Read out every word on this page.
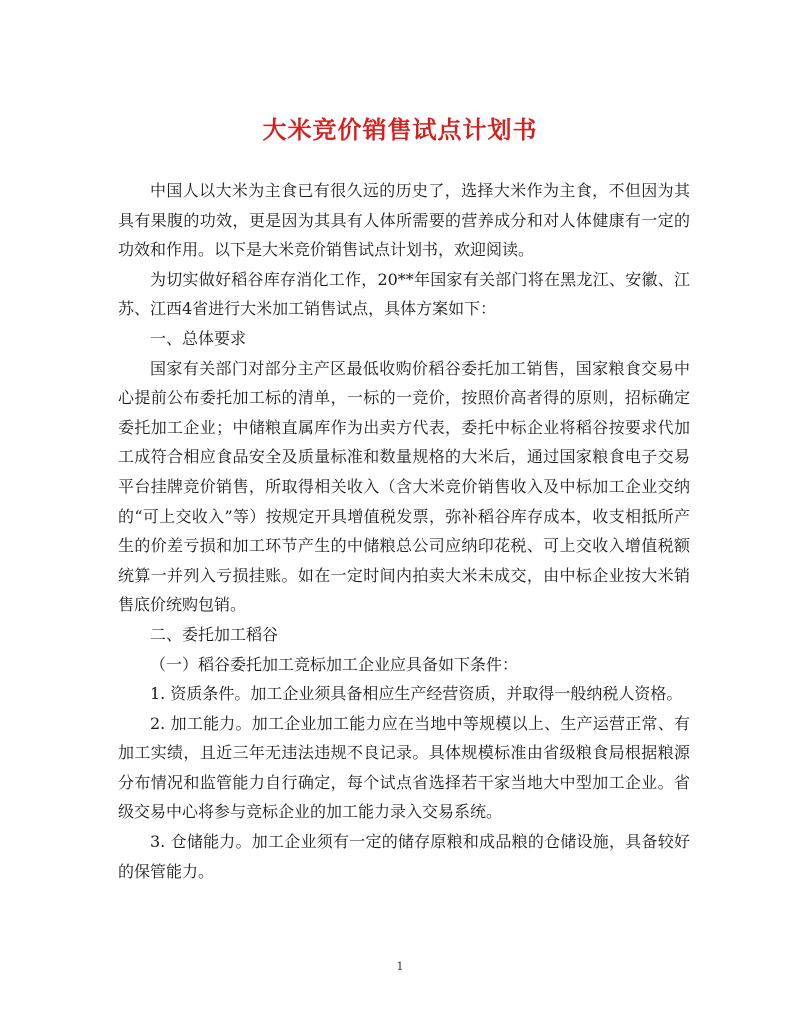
大米竞价销售试点计划书

中国人以大米为主食已有很久远的历史了，选择大米作为主食，不但因为其具有果腹的功效，更是因为其具有人体所需要的营养成分和对人体健康有一定的功效和作用。以下是大米竞价销售试点计划书，欢迎阅读。

为切实做好稻谷库存消化工作，20**年国家有关部门将在黑龙江、安徽、江苏、江西4省进行大米加工销售试点，具体方案如下：

一、总体要求

国家有关部门对部分主产区最低收购价稻谷委托加工销售，国家粮食交易中心提前公布委托加工标的清单，一标的一竞价，按照价高者得的原则，招标确定委托加工企业；中储粮直属库作为出卖方代表，委托中标企业将稻谷按要求代加工成符合相应食品安全及质量标准和数量规格的大米后，通过国家粮食电子交易平台挂牌竞价销售，所取得相关收入（含大米竞价销售收入及中标加工企业交纳的“可上交收入”等）按规定开具增值税发票，弥补稻谷库存成本，收支相抵所产生的价差亏损和加工环节产生的中储粮总公司应纳印花税、可上交收入增值税额统算一并列入亏损挂账。如在一定时间内拍卖大米未成交，由中标企业按大米销售底价统购包销。

二、委托加工稻谷

（一）稻谷委托加工竞标加工企业应具备如下条件：

1. 资质条件。加工企业须具备相应生产经营资质，并取得一般纳税人资格。

2. 加工能力。加工企业加工能力应在当地中等规模以上、生产运营正常、有加工实绩，且近三年无违法违规不良记录。具体规模标准由省级粮食局根据粮源分布情况和监管能力自行确定，每个试点省选择若干家当地大中型加工企业。省级交易中心将参与竞标企业的加工能力录入交易系统。

3. 仓储能力。加工企业须有一定的储存原粮和成品粮的仓储设施，具备较好的保管能力。

1
